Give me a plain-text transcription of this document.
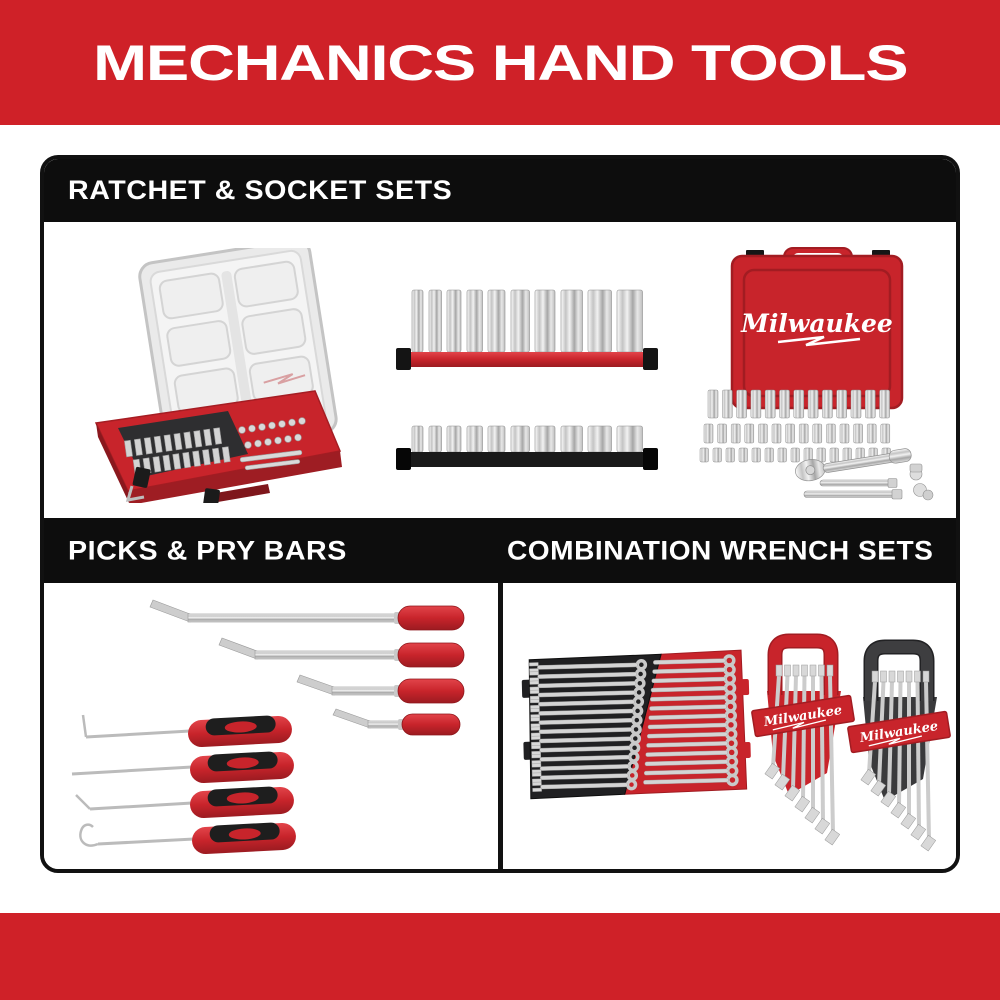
MECHANICS HAND TOOLS
RATCHET & SOCKET SETS
Milwaukee
PICKS & PRY BARS	COMBINATION WRENCH SETS
Milwaukee
Milwaukee
